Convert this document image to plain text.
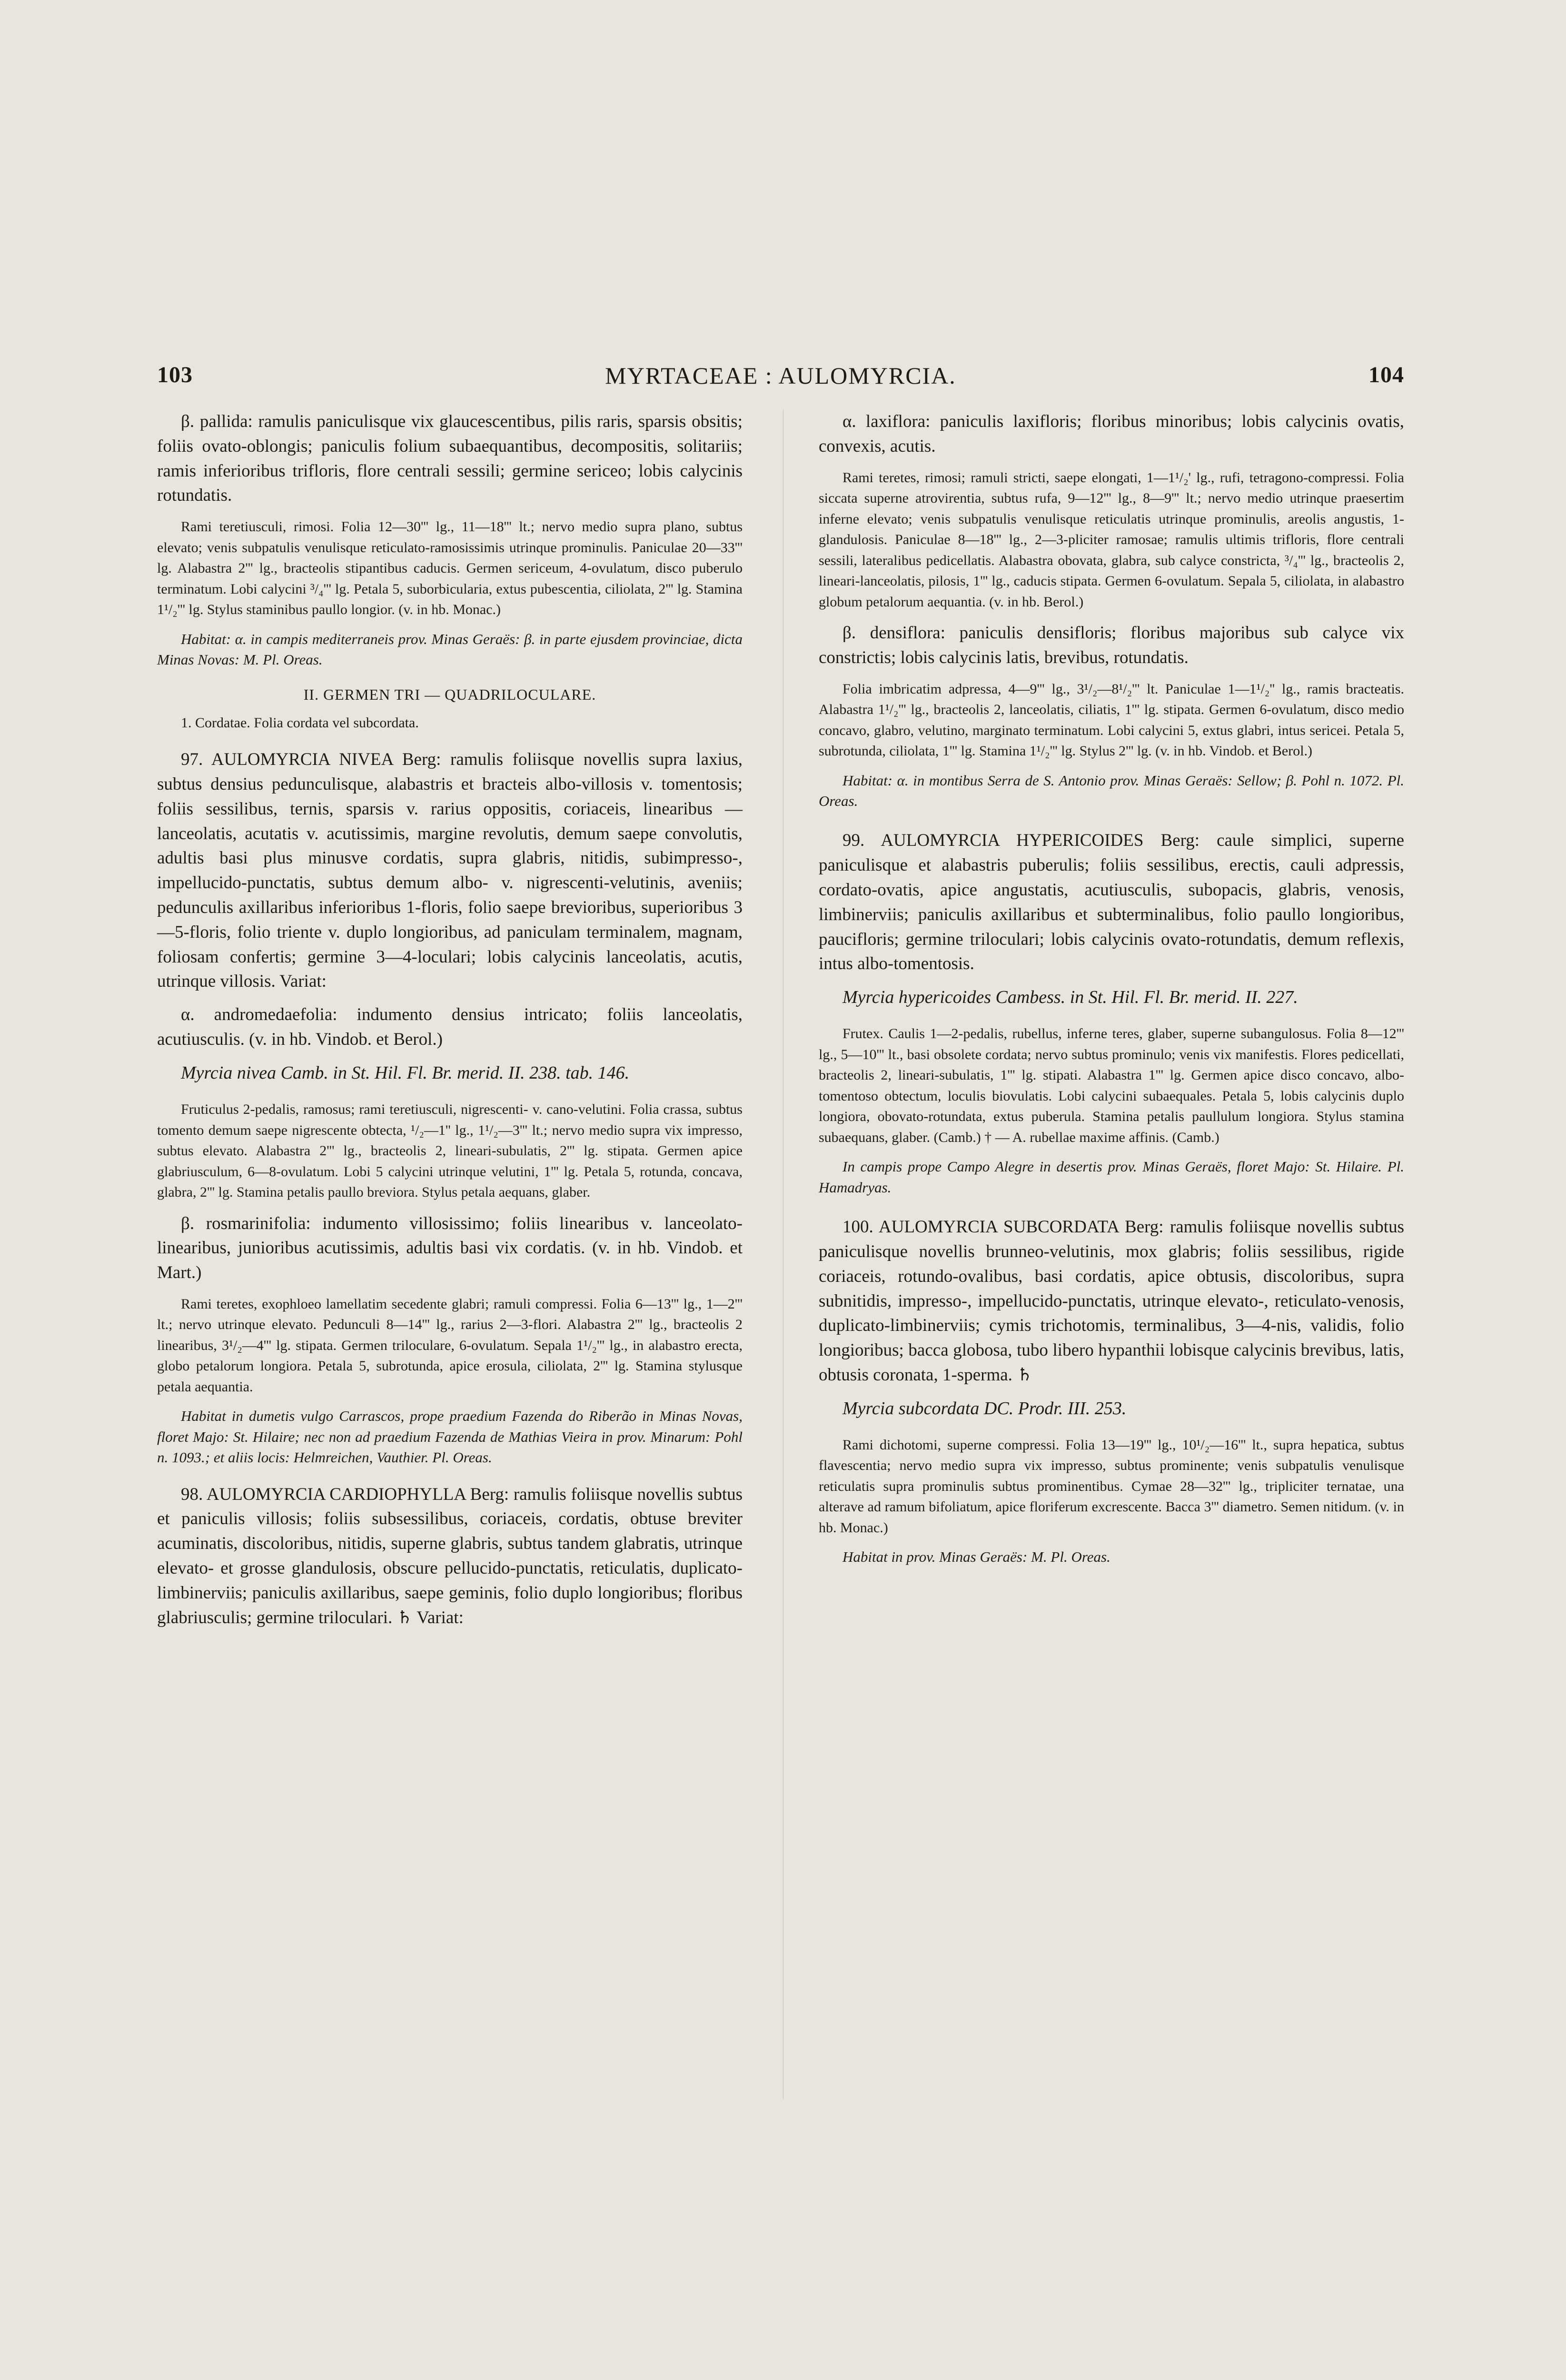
103	MYRTACEAE : AULOMYRCIA.	104

β. pallida: ramulis paniculisque vix glaucescentibus, pilis raris, sparsis obsitis; foliis ovato-oblongis; paniculis folium subaequantibus, decompositis, solitariis; ramis inferioribus trifloris, flore centrali sessili; germine sericeo; lobis calycinis rotundatis.

Rami teretiusculi, rimosi. Folia 12—30''' lg., 11—18''' lt.; nervo medio supra plano, subtus elevato; venis subpatulis venulisque reticulato-ramosissimis utrinque prominulis. Paniculae 20—33''' lg. Alabastra 2''' lg., bracteolis stipantibus caducis. Germen sericeum, 4-ovulatum, disco puberulo terminatum. Lobi calycini ³/₄''' lg. Petala 5, suborbicularia, extus pubescentia, ciliolata, 2''' lg. Stamina 1¹/₂''' lg. Stylus staminibus paullo longior. (v. in hb. Monac.)

Habitat: α. in campis mediterraneis prov. Minas Geraës: β. in parte ejusdem provinciae, dicta Minas Novas: M. Pl. Oreas.

II. GERMEN TRI — QUADRILOCULARE.

1. Cordatae. Folia cordata vel subcordata.

97. AULOMYRCIA NIVEA Berg: ramulis foliisque novellis supra laxius, subtus densius pedunculisque, alabastris et bracteis albo-villosis v. tomentosis; foliis sessilibus, ternis, sparsis v. rarius oppositis, coriaceis, linearibus — lanceolatis, acutatis v. acutissimis, margine revolutis, demum saepe convolutis, adultis basi plus minusve cordatis, supra glabris, nitidis, subimpresso-, impellucido-punctatis, subtus demum albo- v. nigrescenti-velutinis, aveniis; pedunculis axillaribus inferioribus 1-floris, folio saepe brevioribus, superioribus 3—5-floris, folio triente v. duplo longioribus, ad paniculam terminalem, magnam, foliosam confertis; germine 3—4-loculari; lobis calycinis lanceolatis, acutis, utrinque villosis. Variat:

α. andromedaefolia: indumento densius intricato; foliis lanceolatis, acutiusculis. (v. in hb. Vindob. et Berol.)

Myrcia nivea Camb. in St. Hil. Fl. Br. merid. II. 238. tab. 146.

Fruticulus 2-pedalis, ramosus; rami teretiusculi, nigrescenti- v. cano-velutini. Folia crassa, subtus tomento demum saepe nigrescente obtecta, ¹/₂—1'' lg., 1¹/₂—3''' lt.; nervo medio supra vix impresso, subtus elevato. Alabastra 2''' lg., bracteolis 2, lineari-subulatis, 2''' lg. stipata. Germen apice glabriusculum, 6—8-ovulatum. Lobi 5 calycini utrinque velutini, 1''' lg. Petala 5, rotunda, concava, glabra, 2''' lg. Stamina petalis paullo breviora. Stylus petala aequans, glaber.

β. rosmarinifolia: indumento villosissimo; foliis linearibus v. lanceolato-linearibus, junioribus acutissimis, adultis basi vix cordatis. (v. in hb. Vindob. et Mart.)

Rami teretes, exophloeo lamellatim secedente glabri; ramuli compressi. Folia 6—13''' lg., 1—2''' lt.; nervo utrinque elevato. Pedunculi 8—14''' lg., rarius 2—3-flori. Alabastra 2''' lg., bracteolis 2 linearibus, 3¹/₂—4''' lg. stipata. Germen triloculare, 6-ovulatum. Sepala 1¹/₂''' lg., in alabastro erecta, globo petalorum longiora. Petala 5, subrotunda, apice erosula, ciliolata, 2''' lg. Stamina stylusque petala aequantia.

Habitat in dumetis vulgo Carrascos, prope praedium Fazenda do Riberão in Minas Novas, floret Majo: St. Hilaire; nec non ad praedium Fazenda de Mathias Vieira in prov. Minarum: Pohl n. 1093.; et aliis locis: Helmreichen, Vauthier. Pl. Oreas.

98. AULOMYRCIA CARDIOPHYLLA Berg: ramulis foliisque novellis subtus et paniculis villosis; foliis subsessilibus, coriaceis, cordatis, obtuse breviter acuminatis, discoloribus, nitidis, superne glabris, subtus tandem glabratis, utrinque elevato- et grosse glandulosis, obscure pellucido-punctatis, reticulatis, duplicato-limbinerviis; paniculis axillaribus, saepe geminis, folio duplo longioribus; floribus glabriusculis; germine triloculari. ♄ Variat:

α. laxiflora: paniculis laxifloris; floribus minoribus; lobis calycinis ovatis, convexis, acutis.

Rami teretes, rimosi; ramuli stricti, saepe elongati, 1—1¹/₂' lg., rufi, tetragono-compressi. Folia siccata superne atrovirentia, subtus rufa, 9—12''' lg., 8—9''' lt.; nervo medio utrinque praesertim inferne elevato; venis subpatulis venulisque reticulatis utrinque prominulis, areolis angustis, 1-glandulosis. Paniculae 8—18''' lg., 2—3-pliciter ramosae; ramulis ultimis trifloris, flore centrali sessili, lateralibus pedicellatis. Alabastra obovata, glabra, sub calyce constricta, ³/₄''' lg., bracteolis 2, lineari-lanceolatis, pilosis, 1''' lg., caducis stipata. Germen 6-ovulatum. Sepala 5, ciliolata, in alabastro globum petalorum aequantia. (v. in hb. Berol.)

β. densiflora: paniculis densifloris; floribus majoribus sub calyce vix constrictis; lobis calycinis latis, brevibus, rotundatis.

Folia imbricatim adpressa, 4—9''' lg., 3¹/₂—8¹/₂''' lt. Paniculae 1—1¹/₂'' lg., ramis bracteatis. Alabastra 1¹/₂''' lg., bracteolis 2, lanceolatis, ciliatis, 1''' lg. stipata. Germen 6-ovulatum, disco medio concavo, glabro, velutino, marginato terminatum. Lobi calycini 5, extus glabri, intus sericei. Petala 5, subrotunda, ciliolata, 1''' lg. Stamina 1¹/₂''' lg. Stylus 2''' lg. (v. in hb. Vindob. et Berol.)

Habitat: α. in montibus Serra de S. Antonio prov. Minas Geraës: Sellow; β. Pohl n. 1072. Pl. Oreas.

99. AULOMYRCIA HYPERICOIDES Berg: caule simplici, superne paniculisque et alabastris puberulis; foliis sessilibus, erectis, cauli adpressis, cordato-ovatis, apice angustatis, acutiusculis, subopacis, glabris, venosis, limbinerviis; paniculis axillaribus et subterminalibus, folio paullo longioribus, paucifloris; germine triloculari; lobis calycinis ovato-rotundatis, demum reflexis, intus albo-tomentosis.

Myrcia hypericoides Cambess. in St. Hil. Fl. Br. merid. II. 227.

Frutex. Caulis 1—2-pedalis, rubellus, inferne teres, glaber, superne subangulosus. Folia 8—12''' lg., 5—10''' lt., basi obsolete cordata; nervo subtus prominulo; venis vix manifestis. Flores pedicellati, bracteolis 2, lineari-subulatis, 1''' lg. stipati. Alabastra 1''' lg. Germen apice disco concavo, albo-tomentoso obtectum, loculis biovulatis. Lobi calycini subaequales. Petala 5, lobis calycinis duplo longiora, obovato-rotundata, extus puberula. Stamina petalis paullulum longiora. Stylus stamina subaequans, glaber. (Camb.) † — A. rubellae maxime affinis. (Camb.)

In campis prope Campo Alegre in desertis prov. Minas Geraës, floret Majo: St. Hilaire. Pl. Hamadryas.

100. AULOMYRCIA SUBCORDATA Berg: ramulis foliisque novellis subtus paniculisque novellis brunneo-velutinis, mox glabris; foliis sessilibus, rigide coriaceis, rotundo-ovalibus, basi cordatis, apice obtusis, discoloribus, supra subnitidis, impresso-, impellucido-punctatis, utrinque elevato-, reticulato-venosis, duplicato-limbinerviis; cymis trichotomis, terminalibus, 3—4-nis, validis, folio longioribus; bacca globosa, tubo libero hypanthii lobisque calycinis brevibus, latis, obtusis coronata, 1-sperma. ♄

Myrcia subcordata DC. Prodr. III. 253.

Rami dichotomi, superne compressi. Folia 13—19''' lg., 10¹/₂—16''' lt., supra hepatica, subtus flavescentia; nervo medio supra vix impresso, subtus prominente; venis subpatulis venulisque reticulatis supra prominulis subtus prominentibus. Cymae 28—32''' lg., tripliciter ternatae, una alterave ad ramum bifoliatum, apice floriferum excrescente. Bacca 3''' diametro. Semen nitidum. (v. in hb. Monac.)

Habitat in prov. Minas Geraës: M. Pl. Oreas.
